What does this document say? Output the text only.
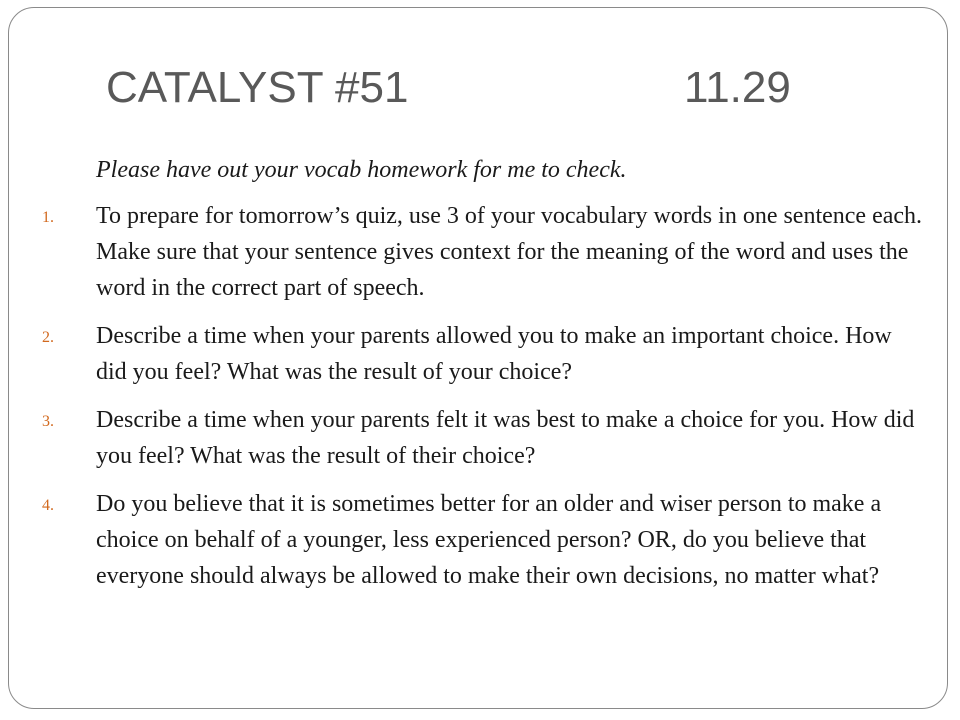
CATALYST #51	11.29

Please have out your vocab homework for me to check.

1. To prepare for tomorrow’s quiz, use 3 of your vocabulary words in one sentence each. Make sure that your sentence gives context for the meaning of the word and uses the word in the correct part of speech.
2. Describe a time when your parents allowed you to make an important choice. How did you feel? What was the result of your choice?
3. Describe a time when your parents felt it was best to make a choice for you. How did you feel? What was the result of their choice?
4. Do you believe that it is sometimes better for an older and wiser person to make a choice on behalf of a younger, less experienced person? OR, do you believe that everyone should always be allowed to make their own decisions, no matter what?
